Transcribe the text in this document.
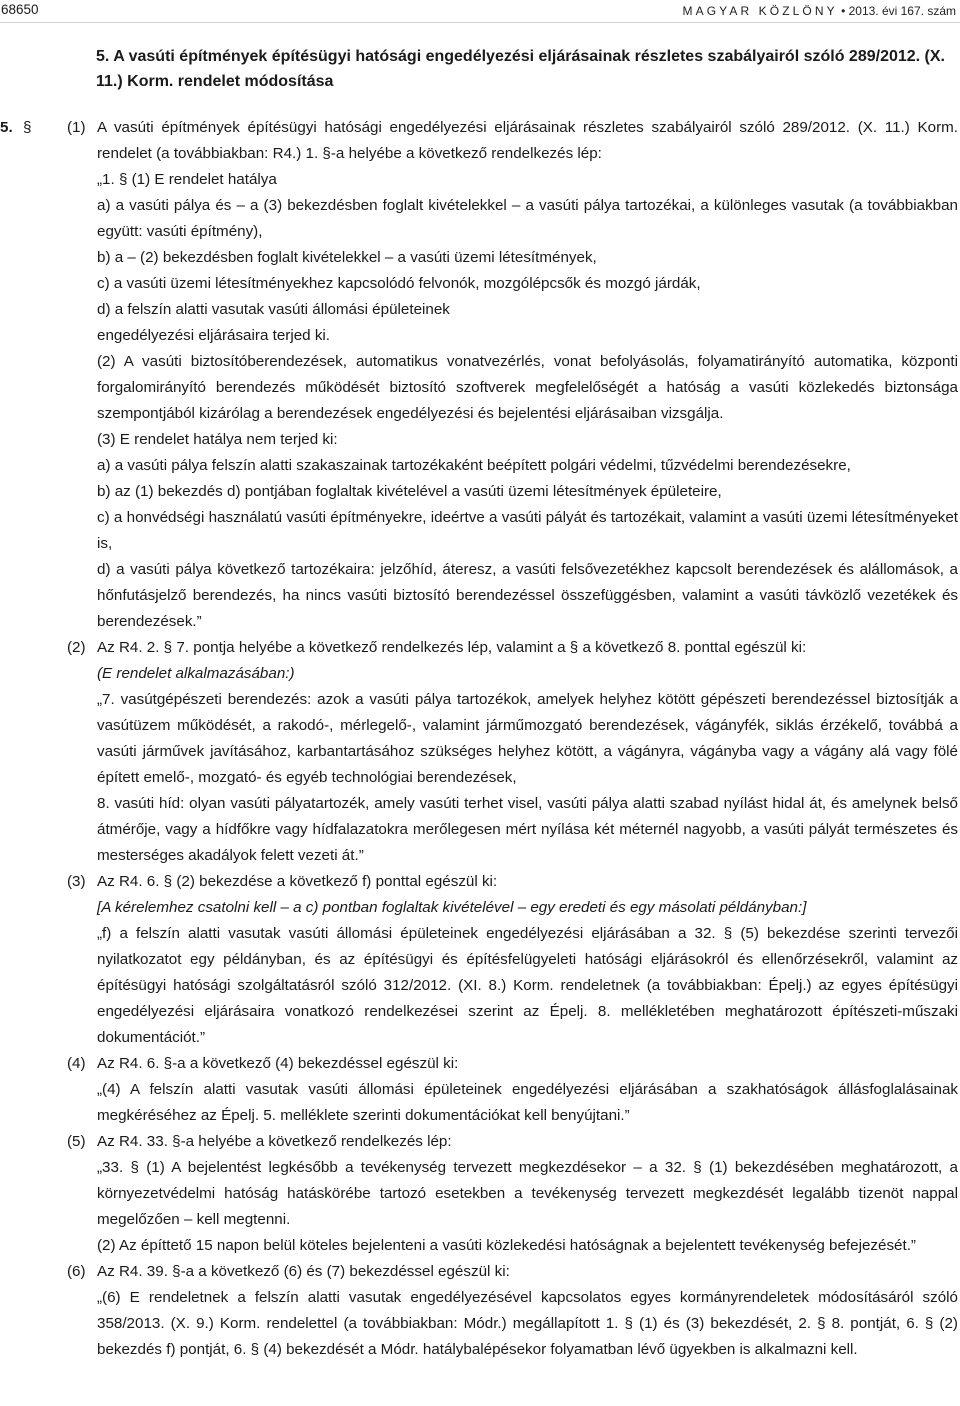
68650	MAGYAR KÖZLÖNY • 2013. évi 167. szám
5. A vasúti építmények építésügyi hatósági engedélyezési eljárásainak részletes szabályairól szóló 289/2012. (X. 11.) Korm. rendelet módosítása
5. § (1) A vasúti építmények építésügyi hatósági engedélyezési eljárásainak részletes szabályairól szóló 289/2012. (X. 11.) Korm. rendelet (a továbbiakban: R4.) 1. §-a helyébe a következő rendelkezés lép:

„1. § (1) E rendelet hatálya

a) a vasúti pálya és – a (3) bekezdésben foglalt kivételekkel – a vasúti pálya tartozékai, a különleges vasutak (a továbbiakban együtt: vasúti építmény),

b) a – (2) bekezdésben foglalt kivételekkel – a vasúti üzemi létesítmények,

c) a vasúti üzemi létesítményekhez kapcsolódó felvonók, mozgólépcsők és mozgó járdák,

d) a felszín alatti vasutak vasúti állomási épületeinek

engedélyezési eljárásaira terjed ki.

(2) A vasúti biztosítóberendezések, automatikus vonatvezérlés, vonat befolyásolás, folyamatirányító automatika, központi forgalomirányító berendezés működését biztosító szoftverek megfelelőségét a hatóság a vasúti közlekedés biztonsága szempontjából kizárólag a berendezések engedélyezési és bejelentési eljárásaiban vizsgálja.

(3) E rendelet hatálya nem terjed ki:

a) a vasúti pálya felszín alatti szakaszainak tartozékaként beépített polgári védelmi, tűzvédelmi berendezésekre,

b) az (1) bekezdés d) pontjában foglaltak kivételével a vasúti üzemi létesítmények épületeire,

c) a honvédségi használatú vasúti építményekre, ideértve a vasúti pályát és tartozékait, valamint a vasúti üzemi létesítményeket is,

d) a vasúti pálya következő tartozékaira: jelzőhíd, áteresz, a vasúti felsővezetékhez kapcsolt berendezések és alállomások, a hőnfutásjelző berendezés, ha nincs vasúti biztosító berendezéssel összefüggésben, valamint a vasúti távközlő vezetékek és berendezések.”

(2) Az R4. 2. § 7. pontja helyébe a következő rendelkezés lép, valamint a § a következő 8. ponttal egészül ki:

(E rendelet alkalmazásában:)

„7. vasútgépészeti berendezés: azok a vasúti pálya tartozékok, amelyek helyhez kötött gépészeti berendezéssel biztosítják a vasútüzem működését, a rakodó-, mérlegelő-, valamint járműmozgató berendezések, vágányfék, siklás érzékelő, továbbá a vasúti járművek javításához, karbantartásához szükséges helyhez kötött, a vágányra, vágányba vagy a vágány alá vagy fölé épített emelő-, mozgató- és egyéb technológiai berendezések,

8. vasúti híd: olyan vasúti pályatartozék, amely vasúti terhet visel, vasúti pálya alatti szabad nyílást hidal át, és amelynek belső átmérője, vagy a hídfőkre vagy hídfalazatokra merőlegesen mért nyílása két méternél nagyobb, a vasúti pályát természetes és mesterséges akadályok felett vezeti át.”

(3) Az R4. 6. § (2) bekezdése a következő f) ponttal egészül ki:

[A kérelemhez csatolni kell – a c) pontban foglaltak kivételével – egy eredeti és egy másolati példányban:]

„f) a felszín alatti vasutak vasúti állomási épületeinek engedélyezési eljárásában a 32. § (5) bekezdése szerinti tervezői nyilatkozatot egy példányban, és az építésügyi és építésfelügyeleti hatósági eljárásokról és ellenőrzésekről, valamint az építésügyi hatósági szolgáltatásról szóló 312/2012. (XI. 8.) Korm. rendeletnek (a továbbiakban: Épelj.) az egyes építésügyi engedélyezési eljárásaira vonatkozó rendelkezései szerint az Épelj. 8. mellékletében meghatározott építészeti-műszaki dokumentációt.”

(4) Az R4. 6. §-a a következő (4) bekezdéssel egészül ki:

„(4) A felszín alatti vasutak vasúti állomási épületeinek engedélyezési eljárásában a szakhatóságok állásfoglalásainak megkéréséhez az Épelj. 5. melléklete szerinti dokumentációkat kell benyújtani.”

(5) Az R4. 33. §-a helyébe a következő rendelkezés lép:

„33. § (1) A bejelentést legkésőbb a tevékenység tervezett megkezdésekor – a 32. § (1) bekezdésében meghatározott, a környezetvédelmi hatóság hatáskörébe tartozó esetekben a tevékenység tervezett megkezdését legalább tizenöt nappal megelőzően – kell megtenni.

(2) Az építtető 15 napon belül köteles bejelenteni a vasúti közlekedési hatóságnak a bejelentett tevékenység befejezését.”

(6) Az R4. 39. §-a a következő (6) és (7) bekezdéssel egészül ki:

„(6) E rendeletnek a felszín alatti vasutak engedélyezésével kapcsolatos egyes kormányrendeletek módosításáról szóló 358/2013. (X. 9.) Korm. rendelettel (a továbbiakban: Módr.) megállapított 1. § (1) és (3) bekezdését, 2. § 8. pontját, 6. § (2) bekezdés f) pontját, 6. § (4) bekezdését a Módr. hatálybalépésekor folyamatban lévő ügyekben is alkalmazni kell.
